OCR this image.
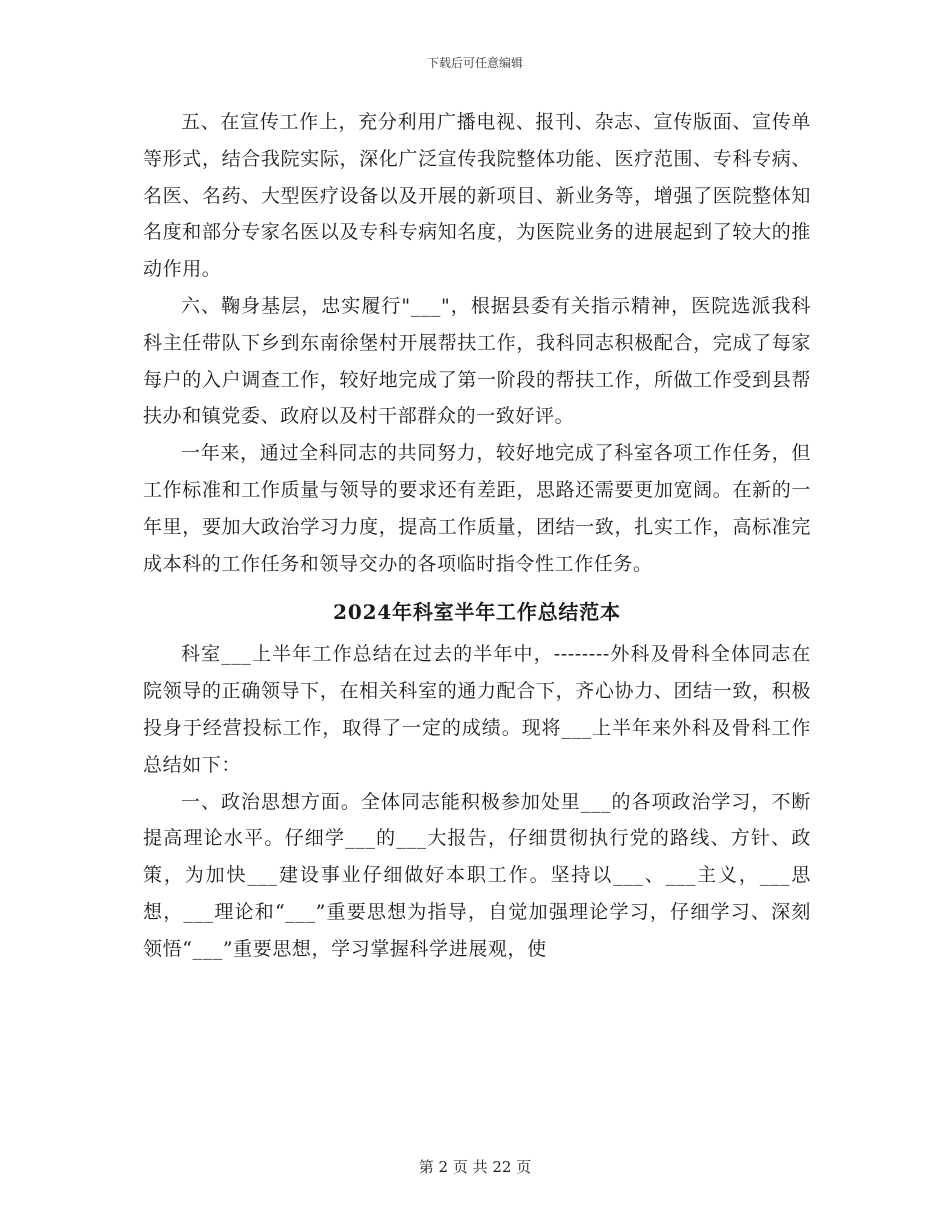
下载后可任意编辑

五、在宣传工作上，充分利用广播电视、报刊、杂志、宣传版面、宣传单等形式，结合我院实际，深化广泛宣传我院整体功能、医疗范围、专科专病、名医、名药、大型医疗设备以及开展的新项目、新业务等，增强了医院整体知名度和部分专家名医以及专科专病知名度，为医院业务的进展起到了较大的推动作用。

六、鞠身基层，忠实履行"___"，根据县委有关指示精神，医院选派我科科主任带队下乡到东南徐堡村开展帮扶工作，我科同志积极配合，完成了每家每户的入户调查工作，较好地完成了第一阶段的帮扶工作，所做工作受到县帮扶办和镇党委、政府以及村干部群众的一致好评。

一年来，通过全科同志的共同努力，较好地完成了科室各项工作任务，但工作标准和工作质量与领导的要求还有差距，思路还需要更加宽阔。在新的一年里，要加大政治学习力度，提高工作质量，团结一致，扎实工作，高标准完成本科的工作任务和领导交办的各项临时指令性工作任务。

2024年科室半年工作总结范本

科室___上半年工作总结在过去的半年中，--------外科及骨科全体同志在院领导的正确领导下，在相关科室的通力配合下，齐心协力、团结一致，积极投身于经营投标工作，取得了一定的成绩。现将___上半年来外科及骨科工作总结如下：

一、政治思想方面。全体同志能积极参加处里___的各项政治学习，不断提高理论水平。仔细学___的___大报告，仔细贯彻执行党的路线、方针、政策，为加快___建设事业仔细做好本职工作。坚持以___、___主义，___思想，___理论和“___”重要思想为指导，自觉加强理论学习，仔细学习、深刻领悟“___”重要思想，学习掌握科学进展观，使

第 2 页 共 22 页
